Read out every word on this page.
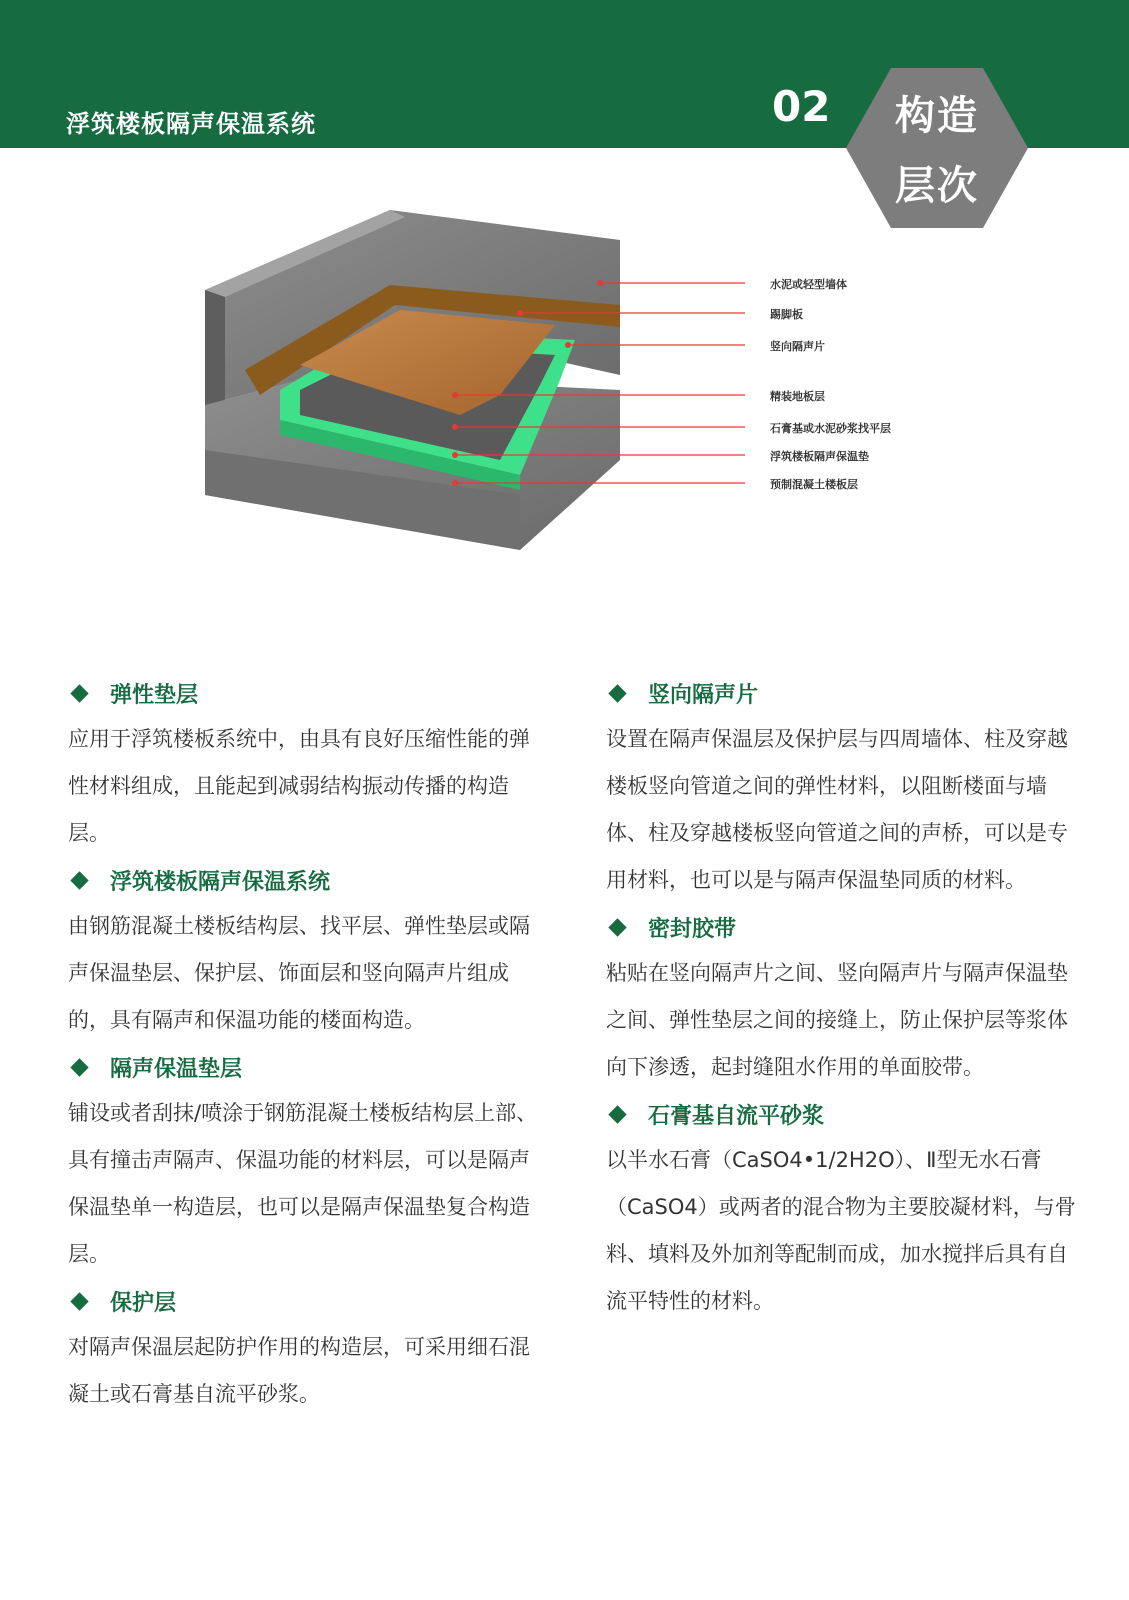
浮筑楼板隔声保温系统	02	构造
层次
水泥或轻型墙体
踢脚板
竖向隔声片
精装地板层
石膏基或水泥砂浆找平层
浮筑楼板隔声保温垫
预制混凝土楼板层
弹性垫层

应用于浮筑楼板系统中，由具有良好压缩性能的弹性材料组成，且能起到减弱结构振动传播的构造层。

浮筑楼板隔声保温系统

由钢筋混凝土楼板结构层、找平层、弹性垫层或隔声保温垫层、保护层、饰面层和竖向隔声片组成的，具有隔声和保温功能的楼面构造。

隔声保温垫层

铺设或者刮抹/喷涂于钢筋混凝土楼板结构层上部、具有撞击声隔声、保温功能的材料层，可以是隔声保温垫单一构造层，也可以是隔声保温垫复合构造层。

保护层

对隔声保温层起防护作用的构造层，可采用细石混凝土或石膏基自流平砂浆。

竖向隔声片

设置在隔声保温层及保护层与四周墙体、柱及穿越楼板竖向管道之间的弹性材料，以阻断楼面与墙体、柱及穿越楼板竖向管道之间的声桥，可以是专用材料，也可以是与隔声保温垫同质的材料。

密封胶带

粘贴在竖向隔声片之间、竖向隔声片与隔声保温垫之间、弹性垫层之间的接缝上，防止保护层等浆体向下渗透，起封缝阻水作用的单面胶带。

石膏基自流平砂浆

以半水石膏（CaSO4•1/2H2O）、Ⅱ型无水石膏（CaSO4）或两者的混合物为主要胶凝材料，与骨料、填料及外加剂等配制而成，加水搅拌后具有自流平特性的材料。
